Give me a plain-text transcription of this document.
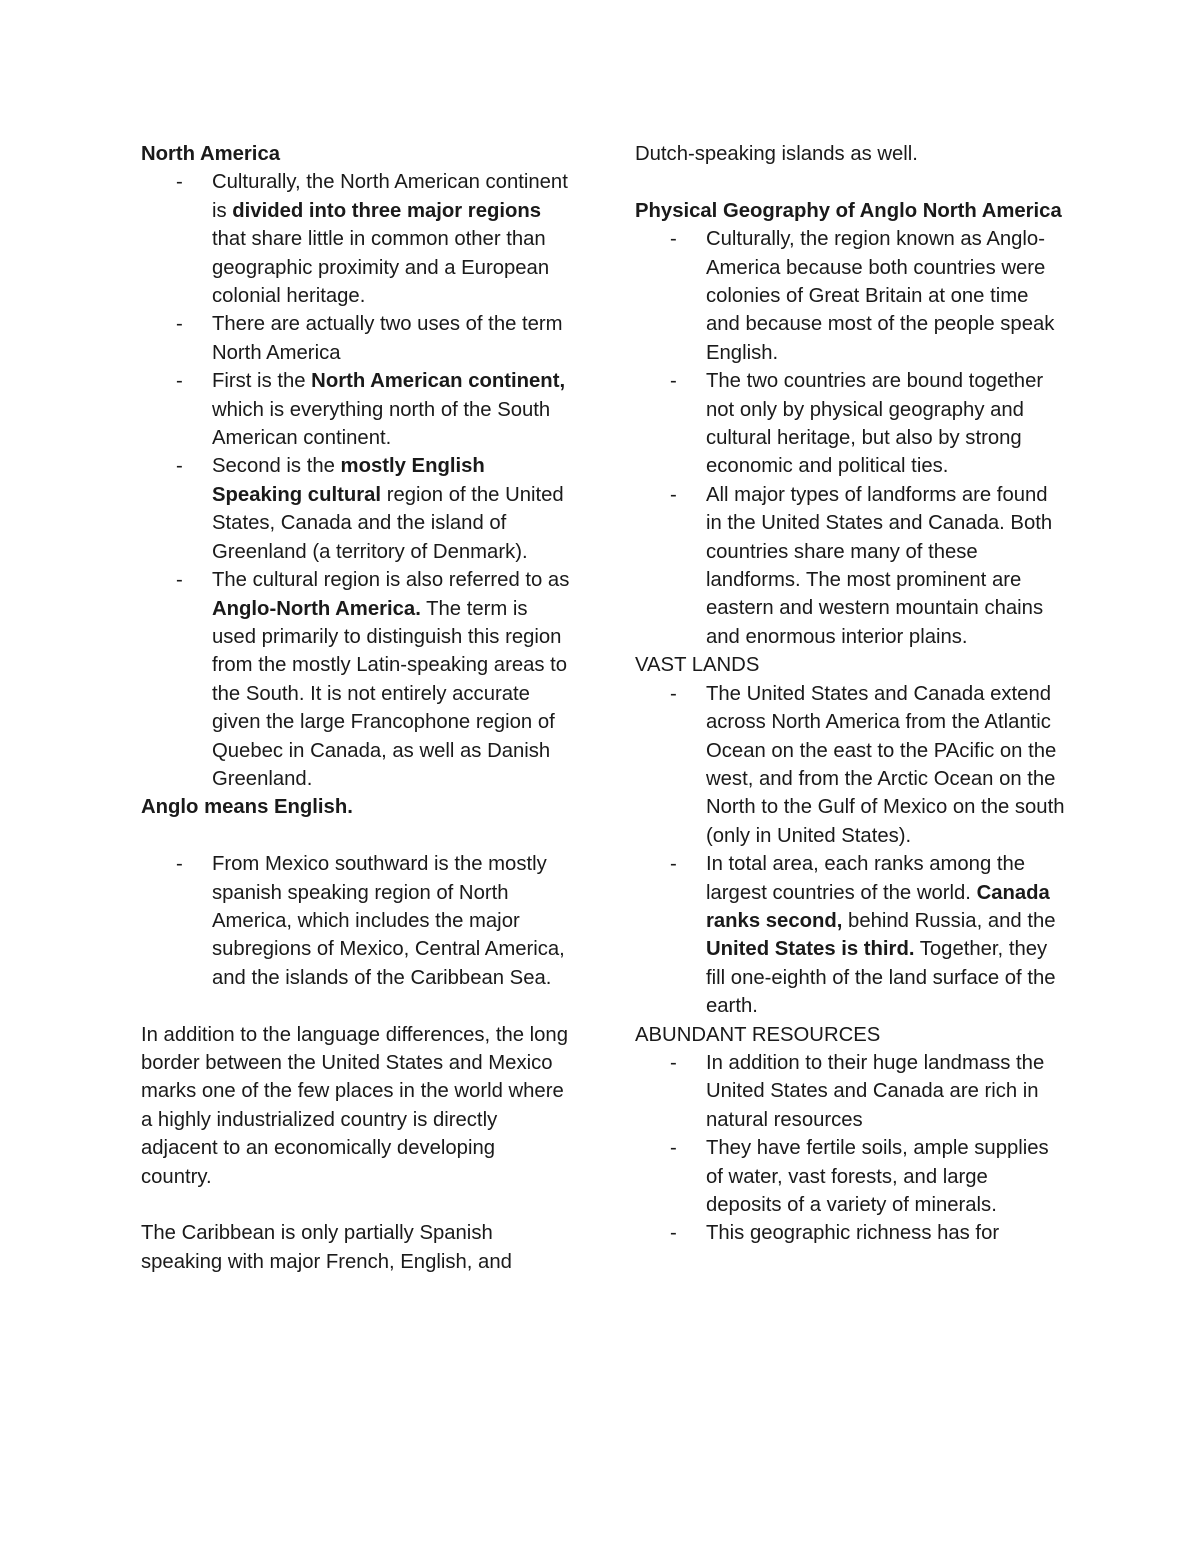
North America

- Culturally, the North American continent is divided into three major regions that share little in common other than geographic proximity and a European colonial heritage.
- There are actually two uses of the term North America
- First is the North American continent, which is everything north of the South American continent.
- Second is the mostly English Speaking cultural region of the United States, Canada and the island of Greenland (a territory of Denmark).
- The cultural region is also referred to as Anglo-North America. The term is used primarily to distinguish this region from the mostly Latin-speaking areas to the South. It is not entirely accurate given the large Francophone region of Quebec in Canada, as well as Danish Greenland.

Anglo means English.

- From Mexico southward is the mostly spanish speaking region of North America, which includes the major subregions of Mexico, Central America, and the islands of the Caribbean Sea.

In addition to the language differences, the long border between the United States and Mexico marks one of the few places in the world where a highly industrialized country is directly adjacent to an economically developing country.

The Caribbean is only partially Spanish speaking with major French, English, and

Dutch-speaking islands as well.

Physical Geography of Anglo North America

- Culturally, the region known as Anglo-America because both countries were colonies of Great Britain at one time and because most of the people speak English.
- The two countries are bound together not only by physical geography and cultural heritage, but also by strong economic and political ties.
- All major types of landforms are found in the United States and Canada. Both countries share many of these landforms. The most prominent are eastern and western mountain chains and enormous interior plains.

VAST LANDS

- The United States and Canada extend across North America from the Atlantic Ocean on the east to the PAcific on the west, and from the Arctic Ocean on the North to the Gulf of Mexico on the south (only in United States).
- In total area, each ranks among the largest countries of the world. Canada ranks second, behind Russia, and the United States is third. Together, they fill one-eighth of the land surface of the earth.

ABUNDANT RESOURCES

- In addition to their huge landmass the United States and Canada are rich in natural resources
- They have fertile soils, ample supplies of water, vast forests, and large deposits of a variety of minerals.
- This geographic richness has for
